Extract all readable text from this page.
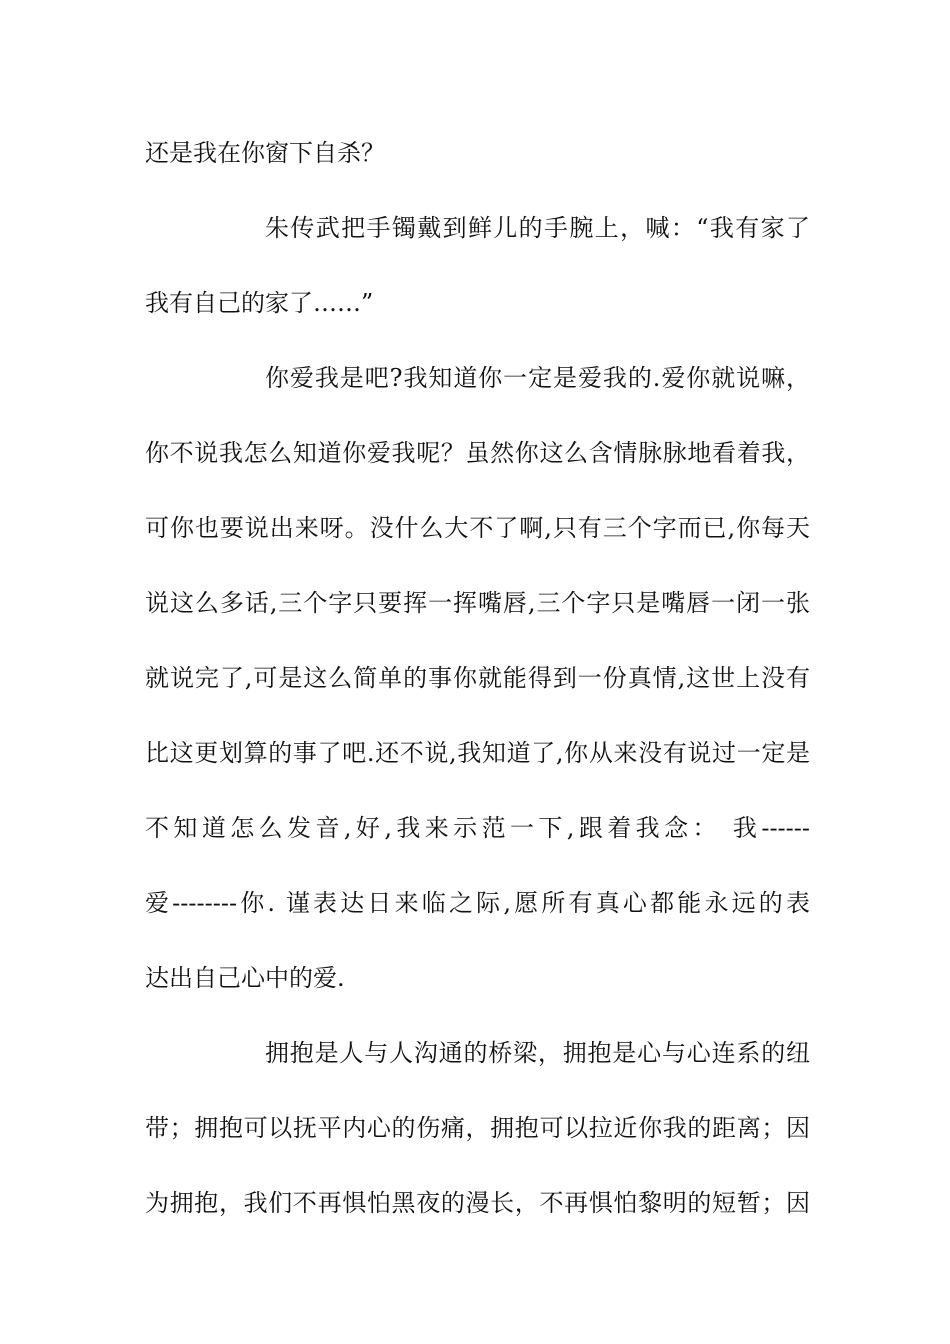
还是我在你窗下自杀？
朱传武把手镯戴到鲜儿的手腕上，喊：“我有家了
我有自己的家了……”
你爱我是吧?我知道你一定是爱我的.爱你就说嘛，
你不说我怎么知道你爱我呢？虽然你这么含情脉脉地看着我，
可你也要说出来呀。没什么大不了啊,只有三个字而已,你每天
说这么多话,三个字只要挥一挥嘴唇,三个字只是嘴唇一闭一张
就说完了,可是这么简单的事你就能得到一份真情,这世上没有
比这更划算的事了吧.还不说,我知道了,你从来没有说过一定是
不知道怎么发音,好,我来示范一下,跟着我念： 我------
爱--------你. 谨表达日来临之际,愿所有真心都能永远的表
达出自己心中的爱.
拥抱是人与人沟通的桥梁，拥抱是心与心连系的纽
带；拥抱可以抚平内心的伤痛，拥抱可以拉近你我的距离；因
为拥抱，我们不再惧怕黑夜的漫长，不再惧怕黎明的短暂；因
